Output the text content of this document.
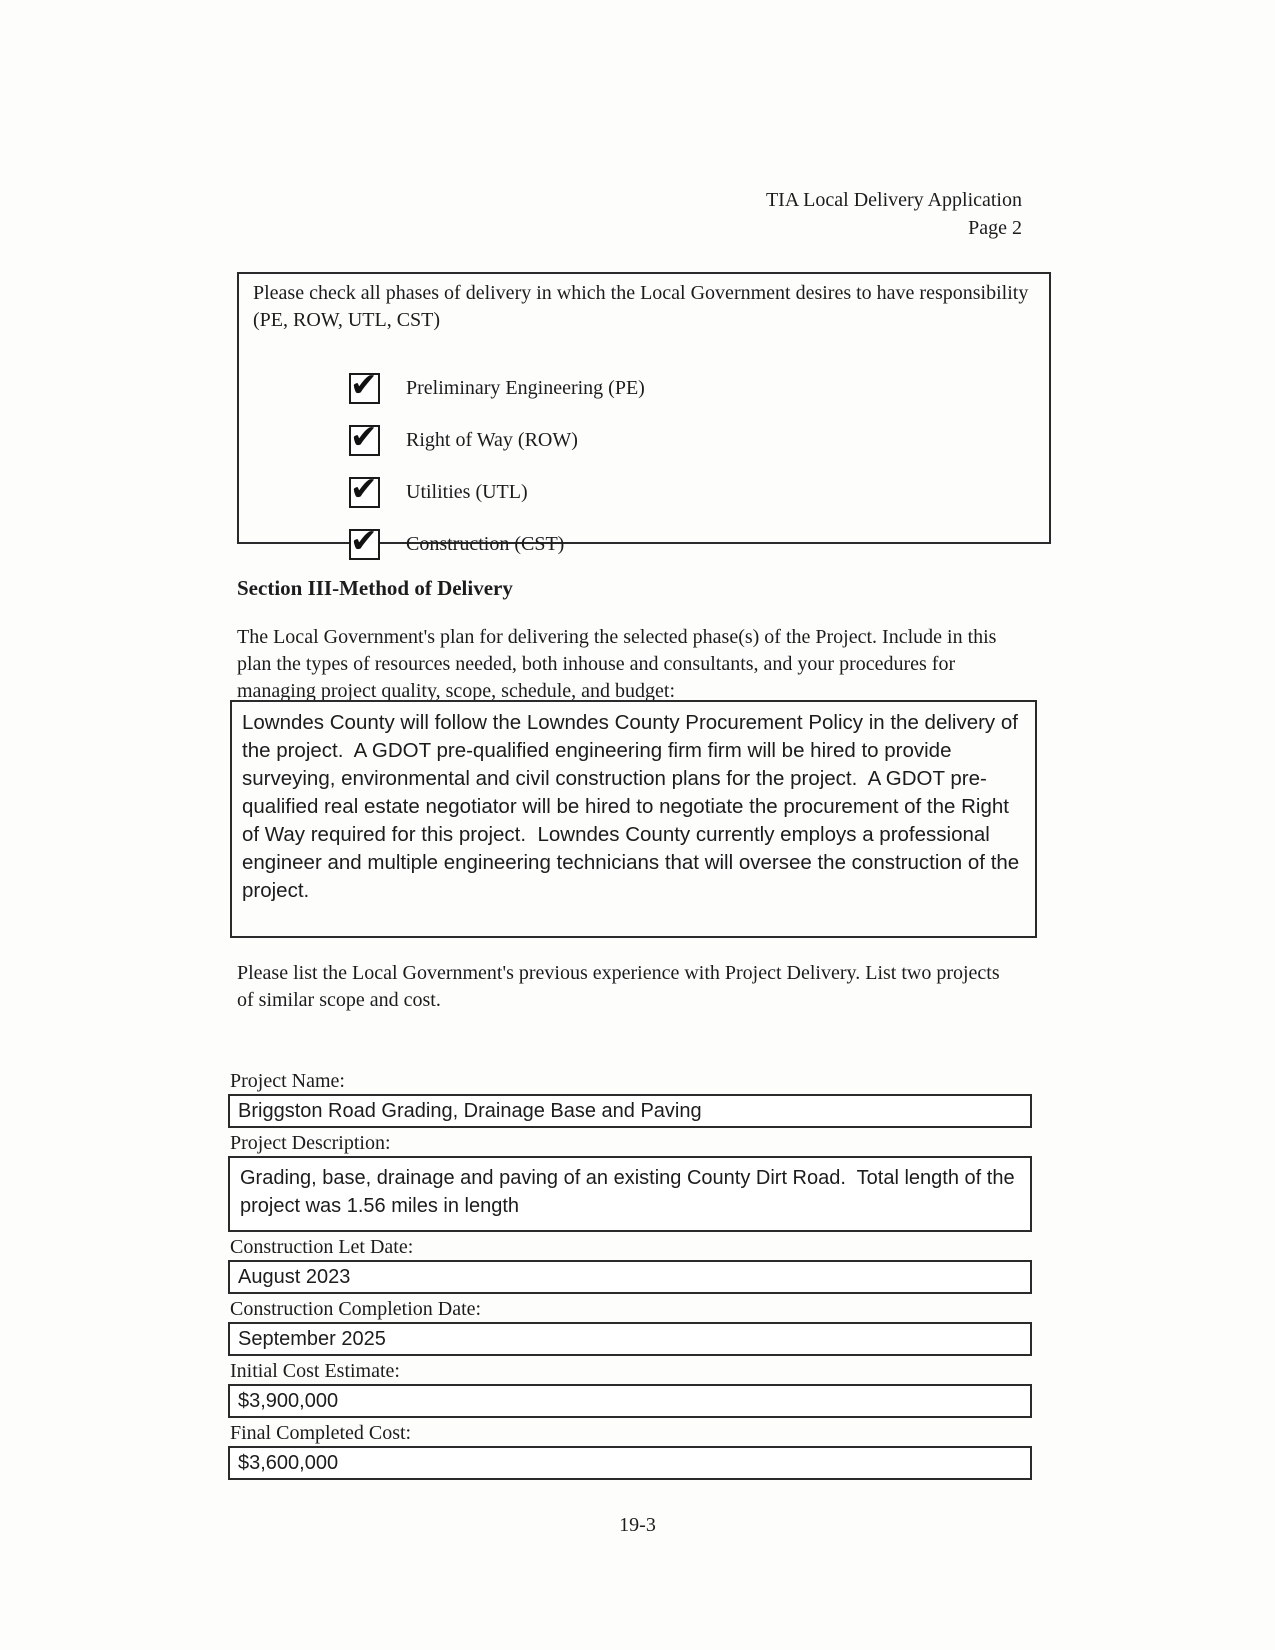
TIA Local Delivery Application
Page 2
Please check all phases of delivery in which the Local Government desires to have responsibility (PE, ROW, UTL, CST)
✔ Preliminary Engineering (PE)
✔ Right of Way (ROW)
✔ Utilities (UTL)
✔ Construction (CST)
Section III-Method of Delivery
The Local Government's plan for delivering the selected phase(s) of the Project. Include in this plan the types of resources needed, both inhouse and consultants, and your procedures for managing project quality, scope, schedule, and budget:
Lowndes County will follow the Lowndes County Procurement Policy in the delivery of the project.  A GDOT pre-qualified engineering firm firm will be hired to provide surveying, environmental and civil construction plans for the project.  A GDOT pre-qualified real estate negotiator will be hired to negotiate the procurement of the Right of Way required for this project.  Lowndes County currently employs a professional engineer and multiple engineering technicians that will oversee the construction of the project.
Please list the Local Government's previous experience with Project Delivery. List two projects of similar scope and cost.
Project Name:
Briggston Road Grading, Drainage Base and Paving
Project Description:
Grading, base, drainage and paving of an existing County Dirt Road.  Total length of the project was 1.56 miles in length
Construction Let Date:
August 2023
Construction Completion Date:
September 2025
Initial Cost Estimate:
$3,900,000
Final Completed Cost:
$3,600,000
19-3
